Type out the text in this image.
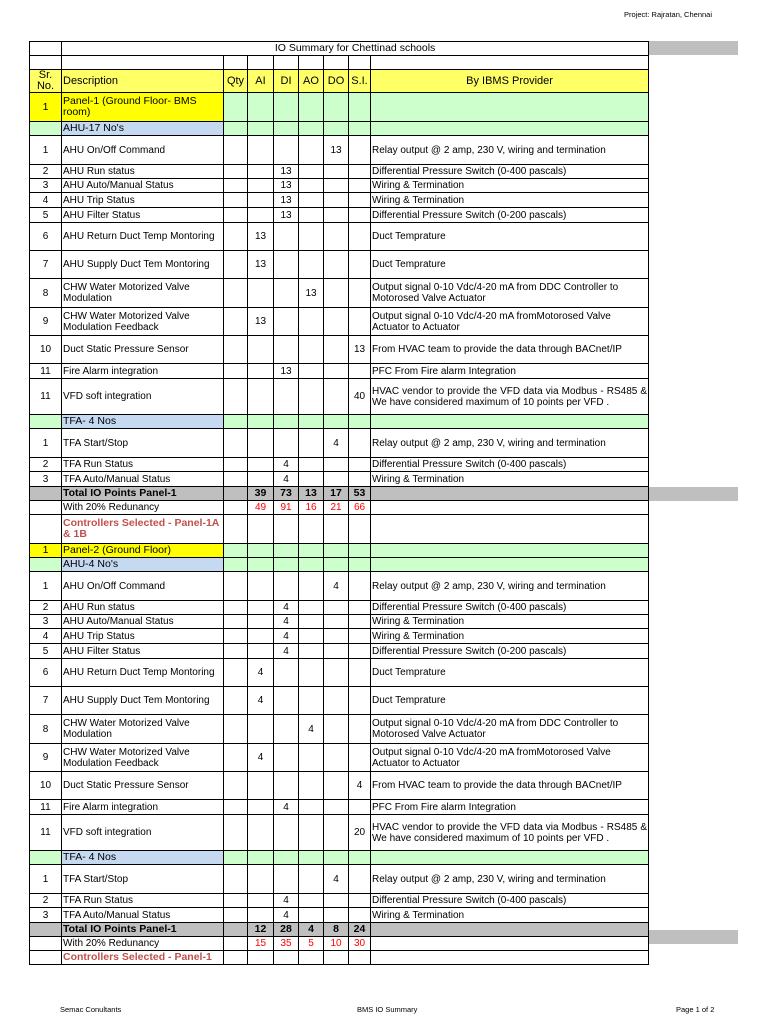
Project: Rajratan, Chennai
	IO Summary for Chettinad schools							

Sr. No.	Description	Qty	AI	DI	AO	DO	S.I.	By IBMS Provider
1	Panel-1 (Ground Floor- BMS room)							
	AHU-17 No's							
1	AHU On/Off Command					13		Relay output @ 2 amp, 230 V, wiring and termination
2	AHU Run status			13				Differential Pressure Switch (0-400 pascals)
3	AHU Auto/Manual Status			13				Wiring & Termination
4	AHU Trip Status			13				Wiring & Termination
5	AHU Filter Status			13				Differential Pressure Switch (0-200 pascals)
6	AHU Return Duct Temp Montoring		13					Duct Temprature
7	AHU Supply Duct Tem Montoring		13					Duct Temprature
8	CHW Water Motorized Valve Modulation				13			Output signal 0-10 Vdc/4-20 mA from DDC Controller to Motorosed Valve Actuator
9	CHW Water Motorized Valve Modulation Feedback		13					Output signal 0-10 Vdc/4-20 mA fromMotorosed Valve Actuator to Actuator
10	Duct Static Pressure Sensor						13	From HVAC team to provide the data through BACnet/IP
11	Fire Alarm integration			13				PFC From Fire alarm Integration
11	VFD soft integration						40	HVAC vendor to provide the VFD data via Modbus - RS485 & We have considered maximum of 10 points per VFD .
	TFA- 4 Nos							
1	TFA Start/Stop					4		Relay output @ 2 amp, 230 V, wiring and termination
2	TFA Run Status			4				Differential Pressure Switch (0-400 pascals)
3	TFA Auto/Manual Status			4				Wiring & Termination
	Total IO Points Panel-1		39	73	13	17	53	
	With 20% Redunancy		49	91	16	21	66	
	Controllers Selected - Panel-1A & 1B							
1	Panel-2 (Ground Floor)							
	AHU-4 No's							
1	AHU On/Off Command					4		Relay output @ 2 amp, 230 V, wiring and termination
2	AHU Run status			4				Differential Pressure Switch (0-400 pascals)
3	AHU Auto/Manual Status			4				Wiring & Termination
4	AHU Trip Status			4				Wiring & Termination
5	AHU Filter Status			4				Differential Pressure Switch (0-200 pascals)
6	AHU Return Duct Temp Montoring		4					Duct Temprature
7	AHU Supply Duct Tem Montoring		4					Duct Temprature
8	CHW Water Motorized Valve Modulation				4			Output signal 0-10 Vdc/4-20 mA from DDC Controller to Motorosed Valve Actuator
9	CHW Water Motorized Valve Modulation Feedback		4					Output signal 0-10 Vdc/4-20 mA fromMotorosed Valve Actuator to Actuator
10	Duct Static Pressure Sensor						4	From HVAC team to provide the data through BACnet/IP
11	Fire Alarm integration			4				PFC From Fire alarm Integration
11	VFD soft integration						20	HVAC vendor to provide the VFD data via Modbus - RS485 & We have considered maximum of 10 points per VFD .
	TFA- 4 Nos							
1	TFA Start/Stop					4		Relay output @ 2 amp, 230 V, wiring and termination
2	TFA Run Status			4				Differential Pressure Switch (0-400 pascals)
3	TFA Auto/Manual Status			4				Wiring & Termination
	Total IO Points Panel-1		12	28	4	8	24	
	With 20% Redunancy		15	35	5	10	30	
	Controllers Selected - Panel-1							
Semac Conultants	BMS IO Summary	Page 1 of 2
